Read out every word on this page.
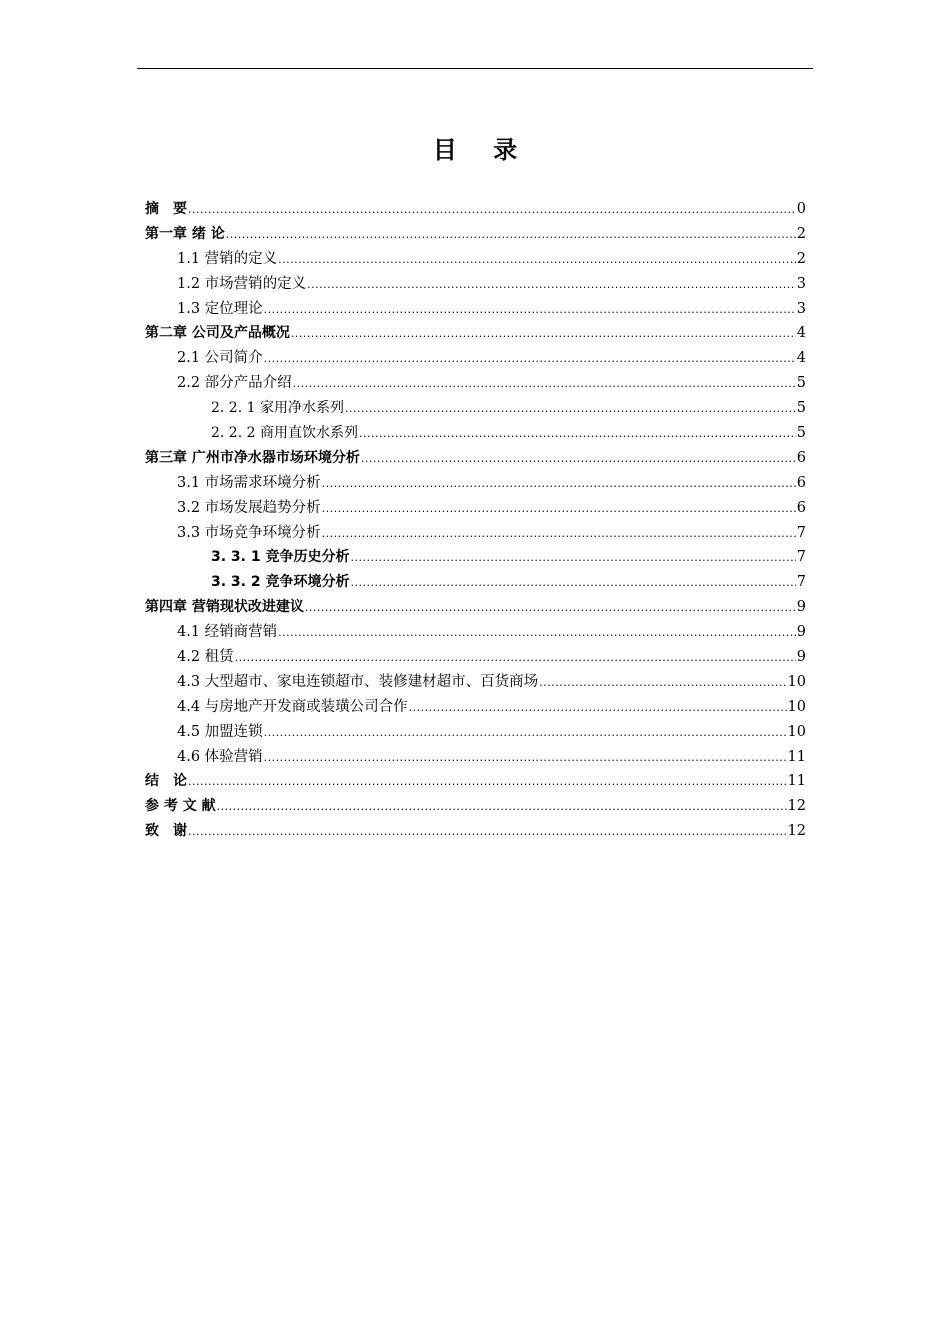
目 录
摘　要 .....	0
第一章 绪 论 .....	2
1.1 营销的定义 .....	2
1.2 市场营销的定义 .....	3
1.3 定位理论 .....	3
第二章 公司及产品概况 .....	4
2.1 公司简介 .....	4
2.2 部分产品介绍 .....	5
2. 2. 1 家用净水系列 .....	5
2. 2. 2 商用直饮水系列 .....	5
第三章 广州市净水器市场环境分析 .....	6
3.1 市场需求环境分析 .....	6
3.2 市场发展趋势分析 .....	6
3.3 市场竞争环境分析 .....	7
3. 3. 1 竞争历史分析 .....	7
3. 3. 2 竞争环境分析 .....	7
第四章 营销现状改进建议 .....	9
4.1 经销商营销 .....	9
4.2 租赁 .....	9
4.3 大型超市、家电连锁超市、装修建材超市、百货商场 .....	10
4.4 与房地产开发商或装璜公司合作 .....	10
4.5 加盟连锁 .....	10
4.6 体验营销 .....	11
结　论 .....	11
参 考 文 献 .....	12
致　谢 .....	12
